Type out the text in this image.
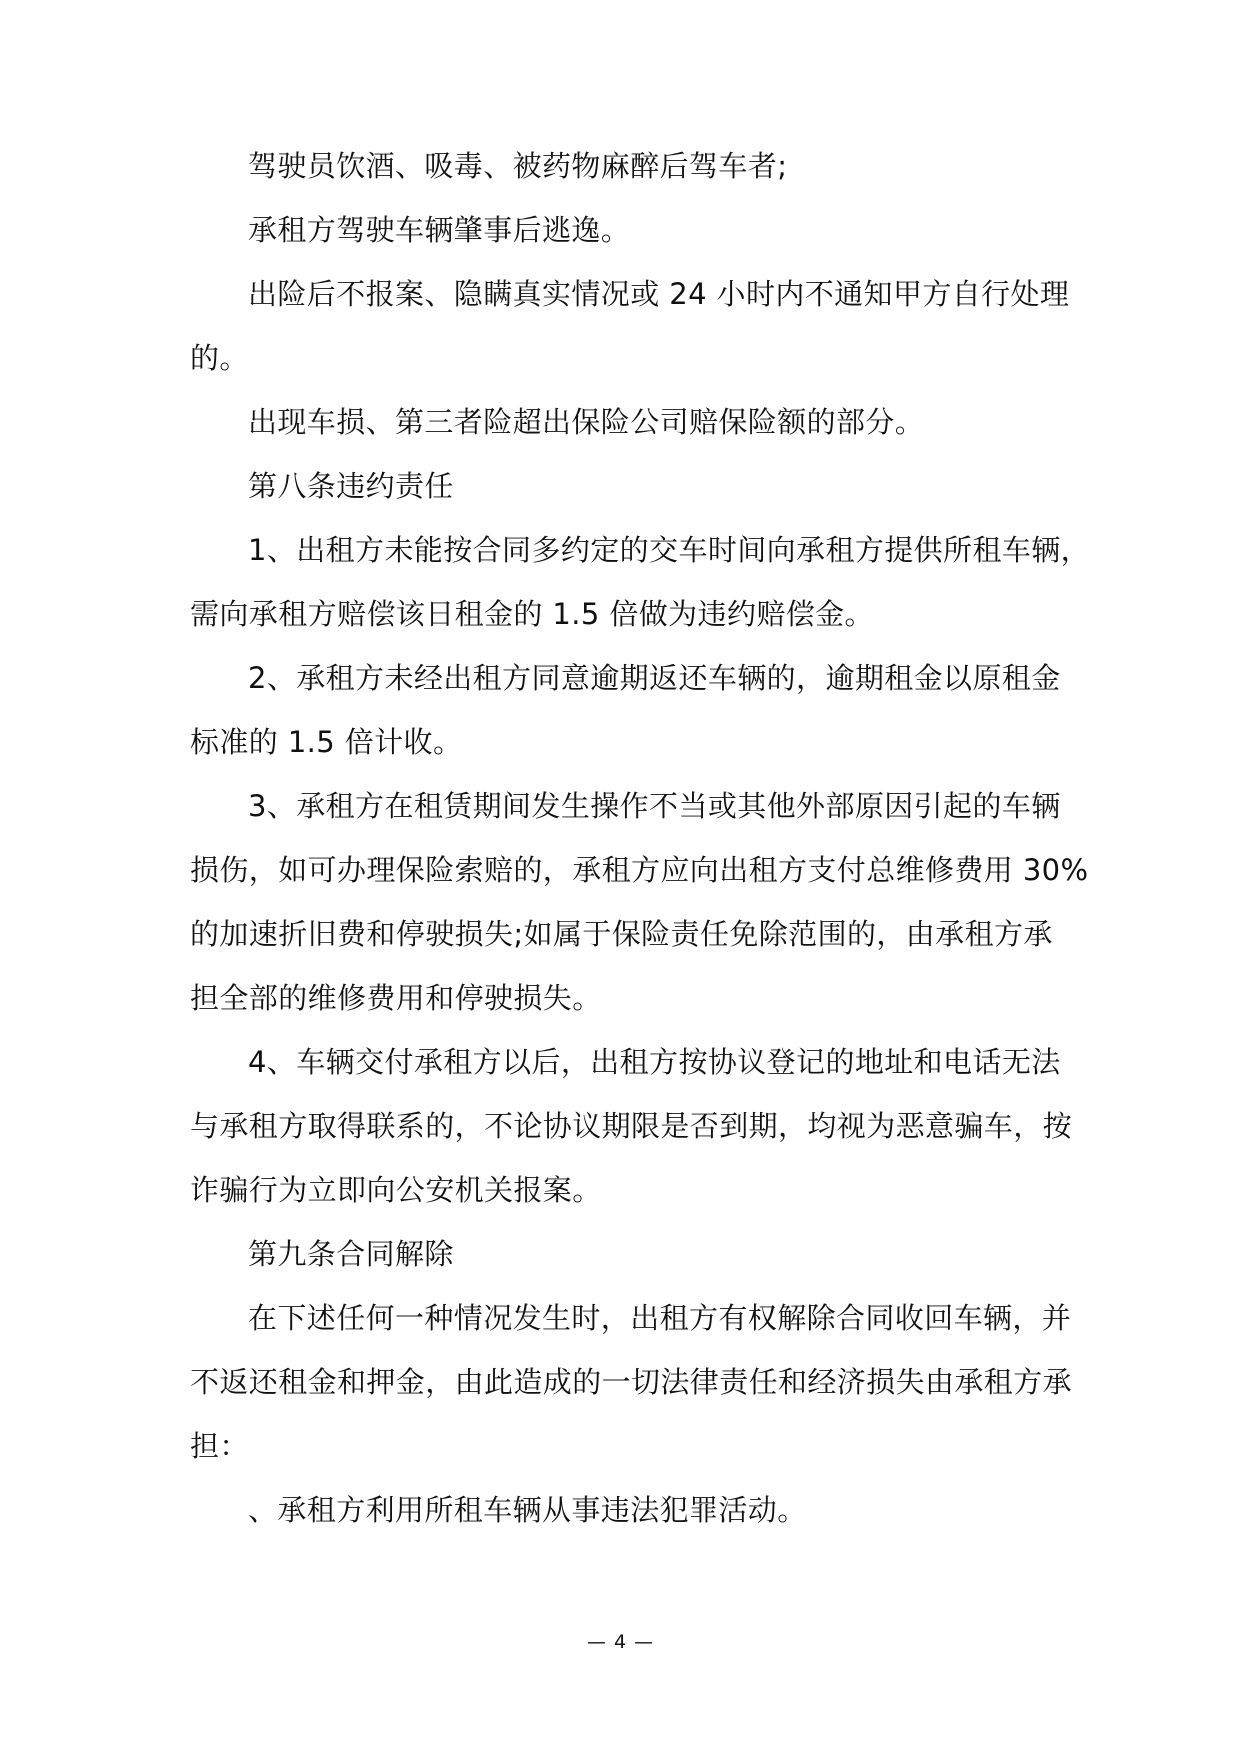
驾驶员饮酒、吸毒、被药物麻醉后驾车者;
承租方驾驶车辆肇事后逃逸。
出险后不报案、隐瞒真实情况或 24 小时内不通知甲方自行处理
的。
出现车损、第三者险超出保险公司赔保险额的部分。
第八条违约责任
1、出租方未能按合同多约定的交车时间向承租方提供所租车辆，
需向承租方赔偿该日租金的 1.5 倍做为违约赔偿金。
2、承租方未经出租方同意逾期返还车辆的，逾期租金以原租金
标准的 1.5 倍计收。
3、承租方在租赁期间发生操作不当或其他外部原因引起的车辆
损伤，如可办理保险索赔的，承租方应向出租方支付总维修费用 30%
的加速折旧费和停驶损失;如属于保险责任免除范围的，由承租方承
担全部的维修费用和停驶损失。
4、车辆交付承租方以后，出租方按协议登记的地址和电话无法
与承租方取得联系的，不论协议期限是否到期，均视为恶意骗车，按
诈骗行为立即向公安机关报案。
第九条合同解除
在下述任何一种情况发生时，出租方有权解除合同收回车辆，并
不返还租金和押金，由此造成的一切法律责任和经济损失由承租方承
担：
、承租方利用所租车辆从事违法犯罪活动。
— 4 —
